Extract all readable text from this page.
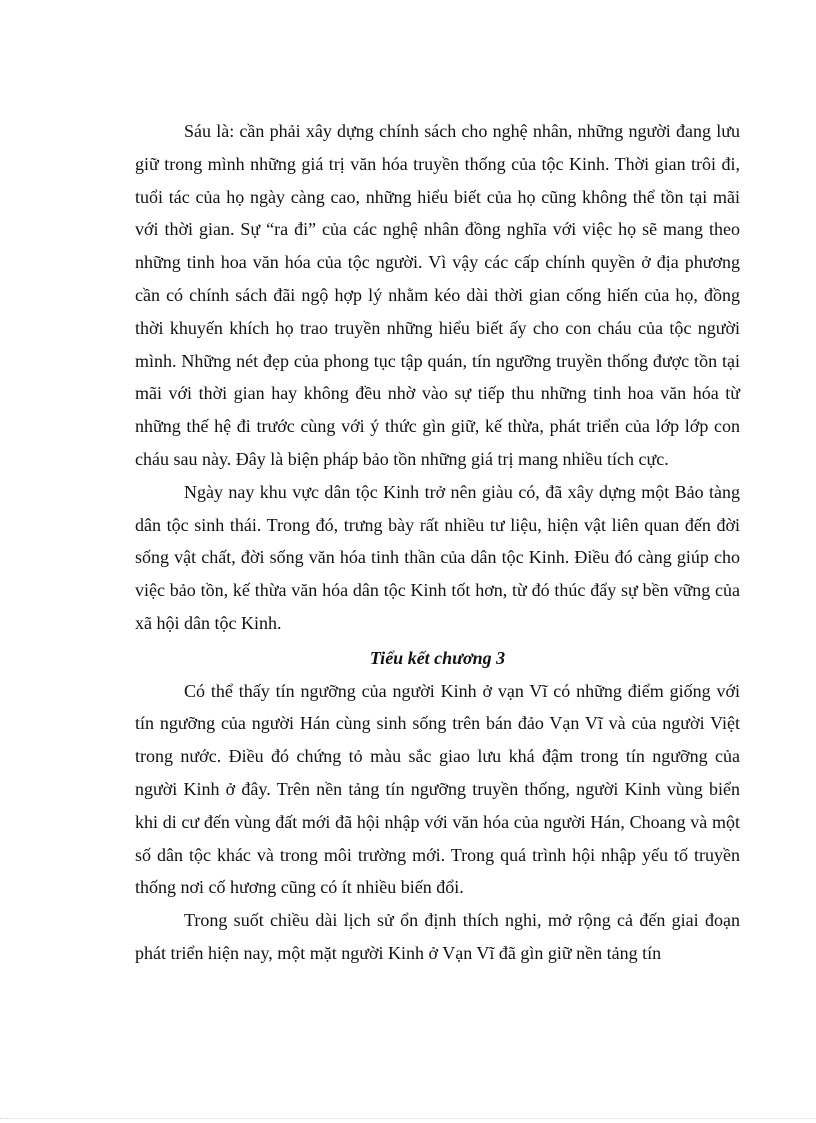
Sáu là: cần phải xây dựng chính sách cho nghệ nhân, những người đang lưu giữ trong mình những giá trị văn hóa truyền thống của tộc Kinh. Thời gian trôi đi, tuổi tác của họ ngày càng cao, những hiểu biết của họ cũng không thể tồn tại mãi với thời gian. Sự “ra đi” của các nghệ nhân đồng nghĩa với việc họ sẽ mang theo những tinh hoa văn hóa của tộc người. Vì vậy các cấp chính quyền ở địa phương cần có chính sách đãi ngộ hợp lý nhằm kéo dài thời gian cống hiến của họ, đồng thời khuyến khích họ trao truyền những hiểu biết ấy cho con cháu của tộc người mình. Những nét đẹp của phong tục tập quán, tín ngưỡng truyền thống được tồn tại mãi với thời gian hay không đều nhờ vào sự tiếp thu những tinh hoa văn hóa từ những thế hệ đi trước cùng với ý thức gìn giữ, kế thừa, phát triển của lớp lớp con cháu sau này. Đây là biện pháp bảo tồn những giá trị mang nhiều tích cực.

Ngày nay khu vực dân tộc Kinh trở nên giàu có, đã xây dựng một Bảo tàng dân tộc sinh thái. Trong đó, trưng bày rất nhiều tư liệu, hiện vật liên quan đến đời sống vật chất, đời sống văn hóa tinh thần của dân tộc Kinh. Điều đó càng giúp cho việc bảo tồn, kế thừa văn hóa dân tộc Kinh tốt hơn, từ đó thúc đẩy sự bền vững của xã hội dân tộc Kinh.

Tiểu kết chương 3

Có thể thấy tín ngưỡng của người Kinh ở vạn Vĩ có những điểm giống với tín ngưỡng của người Hán cùng sinh sống trên bán đảo Vạn Vĩ và của người Việt trong nước. Điều đó chứng tỏ màu sắc giao lưu khá đậm trong tín ngưỡng của người Kinh ở đây. Trên nền tảng tín ngưỡng truyền thống, người Kinh vùng biển khi di cư đến vùng đất mới đã hội nhập với văn hóa của người Hán, Choang và một số dân tộc khác và trong môi trường mới. Trong quá trình hội nhập yếu tố truyền thống nơi cố hương cũng có ít nhiều biến đổi.

Trong suốt chiều dài lịch sử ổn định thích nghi, mở rộng cả đến giai đoạn phát triển hiện nay, một mặt người Kinh ở Vạn Vĩ đã gìn giữ nền tảng tín
